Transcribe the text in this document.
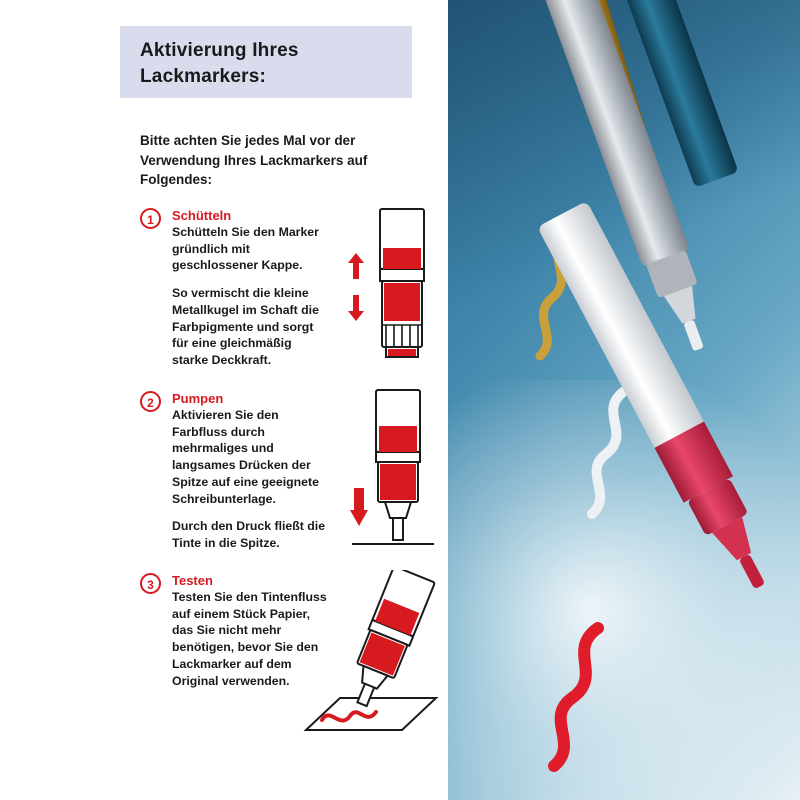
Aktivierung Ihres Lackmarkers:
Bitte achten Sie jedes Mal vor der Verwendung Ihres Lackmarkers auf Folgendes:
1	Schütteln
Schütteln Sie den Marker gründlich mit geschlossener Kappe.
So vermischt die kleine Metallkugel im Schaft die Farbpigmente und sorgt für eine gleichmäßig starke Deckkraft.
2	Pumpen
Aktivieren Sie den Farbfluss durch mehrmaliges und langsames Drücken der Spitze auf eine geeignete Schreibunterlage.
Durch den Druck fließt die Tinte in die Spitze.
3	Testen
Testen Sie den Tintenfluss auf einem Stück Papier, das Sie nicht mehr benötigen, bevor Sie den Lackmarker auf dem Original verwenden.
